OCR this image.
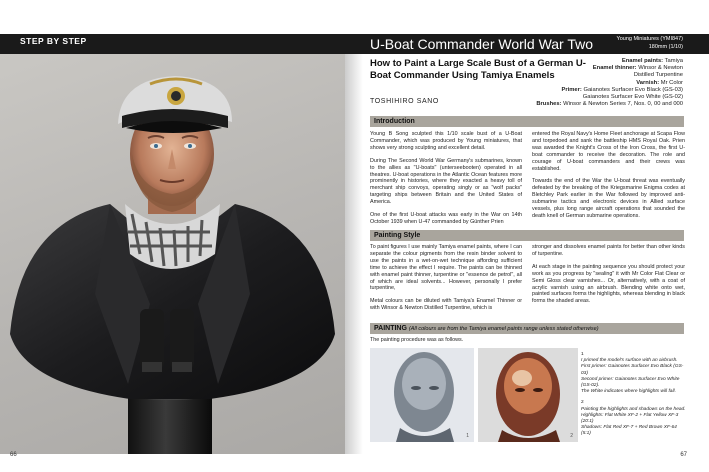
STEP BY STEP	U-Boat Commander World War Two	Young Miniatures (YMI847)
180mm (1/10)
66
How to Paint a Large Scale Bust of a German U-Boat Commander Using Tamiya Enamels
TOSHIHIRO SANO
Enamel paints: Tamiya
Enamel thinner: Winsor & Newton
Distilled Turpentine
Varnish: Mr Color
Primer: Gaianotes Surfacer Evo Black (GS-03)
Gaianotes Surfacer Evo White (GS-02)
Brushes: Winsor & Newton Series 7, Nos. 0, 00 and 000
Introduction

Young B Song sculpted this 1/10 scale bust of a U-Boat Commander, which was produced by Young miniatures, that shows very strong sculpting and excellent detail.

During The Second World War Germany's submarines, known to the allies as "U-boats" (unterseebooten) operated in all theatres. U-boat operations in the Atlantic Ocean features more prominently in histories, where they exacted a heavy toll of merchant ship convoys, operating singly or as "wolf packs" targeting ships between Britain and the United States of America.

One of the first U-boat attacks was early in the War on 14th October 1939 when U-47 commanded by Günther Prien

entered the Royal Navy's Home Fleet anchorage at Scapa Flow and torpedoed and sank the battleship HMS Royal Oak. Prien was awarded the Knight's Cross of the Iron Cross, the first U-boat commander to receive the decoration. The role and courage of U-boat commanders and their crews was established.

Towards the end of the War the U-boat threat was eventually defeated by the breaking of the Kriegsmarine Enigma codes at Bletchley Park earlier in the War followed by improved anti-submarine tactics and electronic devices in Allied surface vessels, plus long range aircraft operations that sounded the death knell of German submarine operations.

Painting Style

To paint figures I use mainly Tamiya enamel paints, where I can separate the colour pigments from the resin binder solvent to use the paints in a wet-on-wet technique affording sufficient time to achieve the effect I require. The paints can be thinned with enamel paint thinner, turpentine or "essence de petrol", all of which are ideal solvents... However, personally I prefer turpentine,

Metal colours can be diluted with Tamiya's Enamel Thinner or with Winsor & Newton Distilled Turpentine, which is

stronger and dissolves enamel paints for better than other kinds of turpentine.

At each stage in the painting sequence you should protect your work as you progress by "sealing" it with Mr Color Flat Clear or Semi Gloss clear varnishes... Or, alternatively, with a coat of acrylic varnish using an airbrush. Blending white onto wet, painted surfaces forms the highlights, whereas blending in black forms the shaded areas.

PAINTING (All colours are from the Tamiya enamel paints range unless stated otherwise)
The painting procedure was as follows.
1	2

1
I primed the model's surface with an airbrush.
First primer: Gaianotes Surfacer Evo Black (GS-03)
Second primer: Gaianotes Surfacer Evo White (GS-02).
The White indicates where highlights will fall.

2
Painting the highlights and shadows on the head.
Highlights: Flat White XF-2 + Flat Yellow XF-3 (20:1)
Shadows: Flat Red XF-7 + Red Brown XF-64 (5:1)

67
